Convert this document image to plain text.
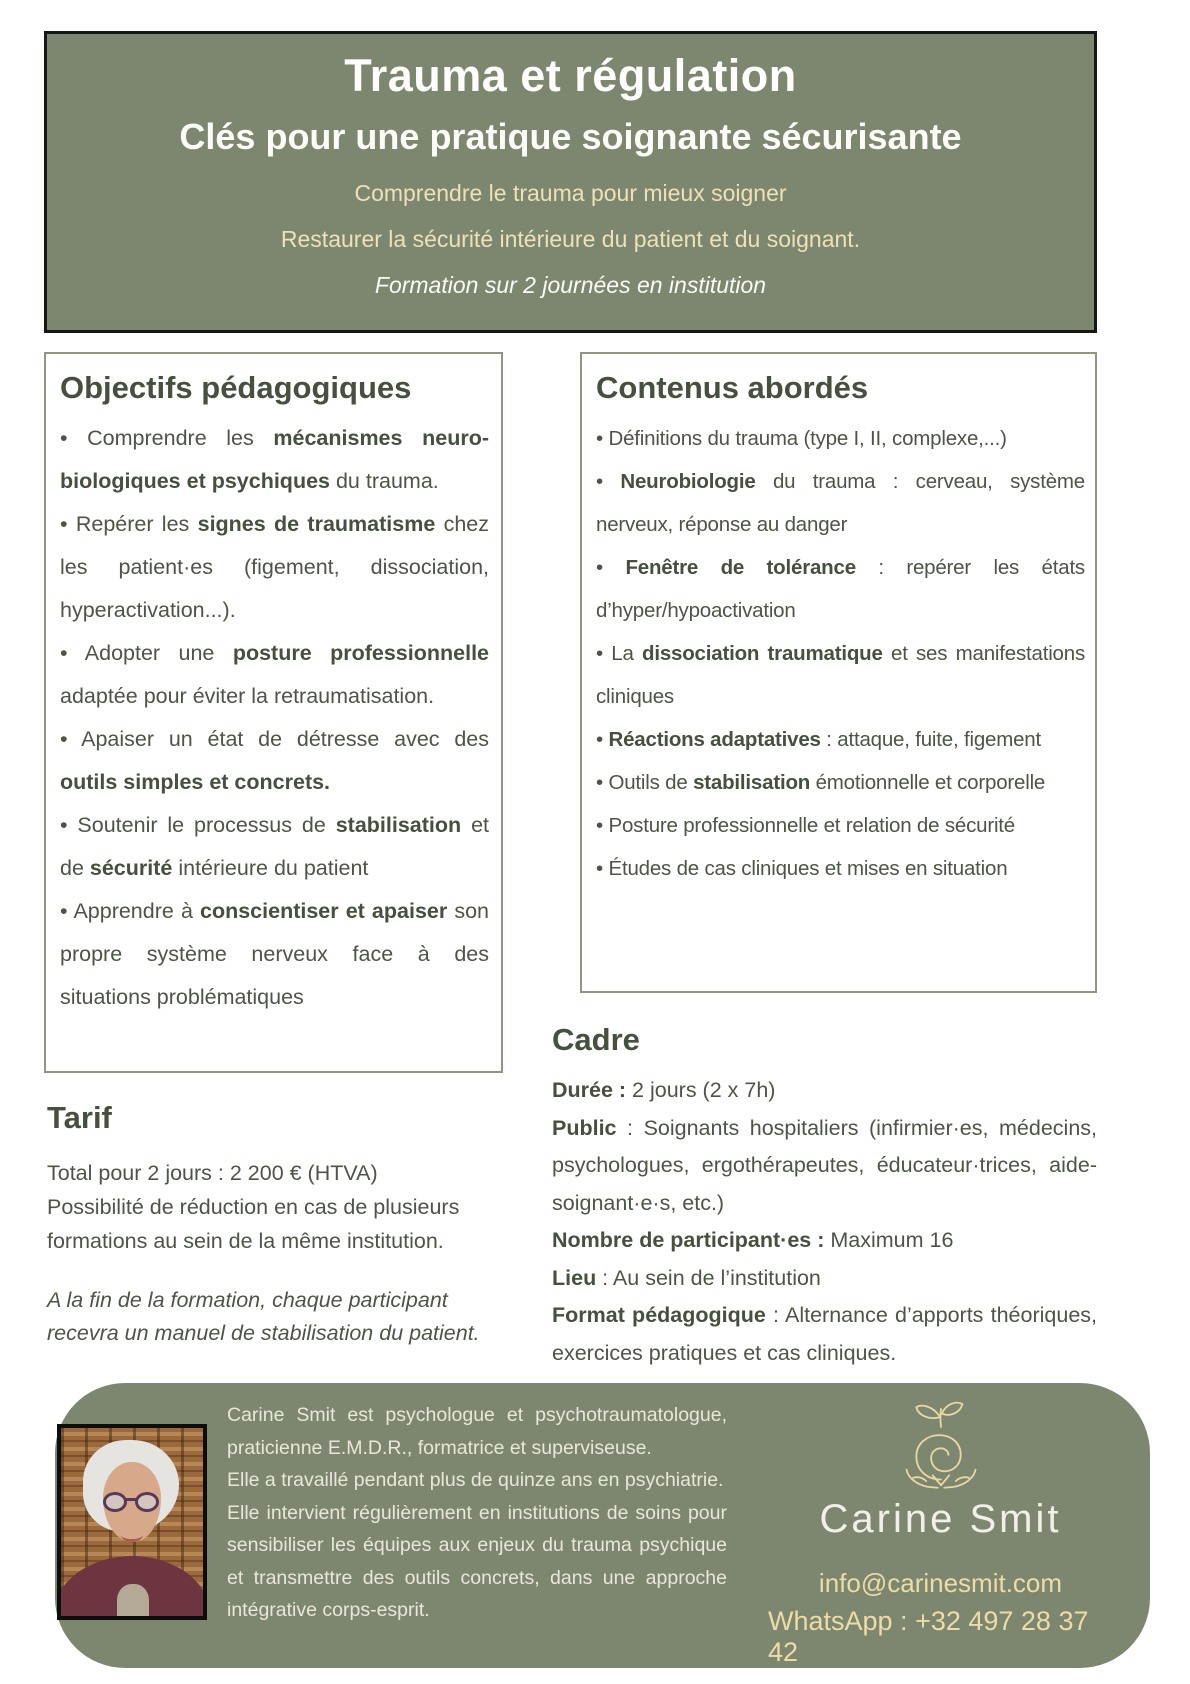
Trauma et régulation
Clés pour une pratique soignante sécurisante
Comprendre le trauma pour mieux soigner
Restaurer la sécurité intérieure du patient et du soignant.
Formation sur 2 journées en institution
Objectifs pédagogiques

• Comprendre les mécanismes neuro-biologiques et psychiques du trauma.

• Repérer les signes de traumatisme chez les patient·es (figement, dissociation, hyperactivation...).

• Adopter une posture professionnelle adaptée pour éviter la retraumatisation.

• Apaiser un état de détresse avec des outils simples et concrets.

• Soutenir le processus de stabilisation et de sécurité intérieure du patient

• Apprendre à conscientiser et apaiser son propre système nerveux face à des situations problématiques

Contenus abordés

• Définitions du trauma (type I, II, complexe,...)

• Neurobiologie du trauma : cerveau, système nerveux, réponse au danger

• Fenêtre de tolérance : repérer les états d’hyper/hypoactivation

• La dissociation traumatique et ses manifestations cliniques

• Réactions adaptatives : attaque, fuite, figement

• Outils de stabilisation émotionnelle et corporelle

• Posture professionnelle et relation de sécurité

• Études de cas cliniques et mises en situation

Tarif

Total pour 2 jours : 2 200 € (HTVA)

Possibilité de réduction en cas de plusieurs formations au sein de la même institution.

A la fin de la formation, chaque participant recevra un manuel de stabilisation du patient.
Cadre

Durée : 2 jours (2 x 7h)

Public : Soignants hospitaliers (infirmier·es, médecins, psychologues, ergothérapeutes, éducateur·trices, aide-soignant·e·s, etc.)

Nombre de participant·es : Maximum 16

Lieu : Au sein de l’institution

Format pédagogique : Alternance d’apports théoriques, exercices pratiques et cas cliniques.

Carine Smit est psychologue et psychotraumatologue, praticienne E.M.D.R., formatrice et superviseuse.

Elle a travaillé pendant plus de quinze ans en psychiatrie.

Elle intervient régulièrement en institutions de soins pour sensibiliser les équipes aux enjeux du trauma psychique et transmettre des outils concrets, dans une approche intégrative corps-esprit.

Carine Smit
info@carinesmit.com
WhatsApp : +32 497 28 37 42
